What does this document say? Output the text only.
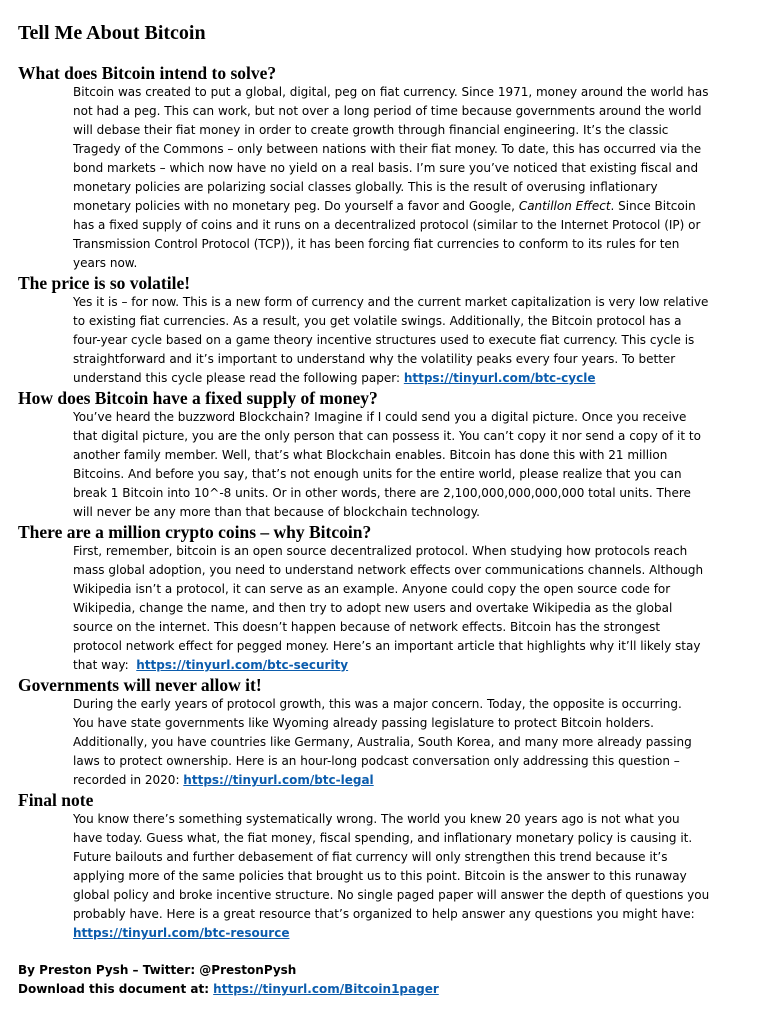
Tell Me About Bitcoin
What does Bitcoin intend to solve?
Bitcoin was created to put a global, digital, peg on fiat currency. Since 1971, money around the world has
not had a peg. This can work, but not over a long period of time because governments around the world
will debase their fiat money in order to create growth through financial engineering. It’s the classic
Tragedy of the Commons – only between nations with their fiat money. To date, this has occurred via the
bond markets – which now have no yield on a real basis. I’m sure you’ve noticed that existing fiscal and
monetary policies are polarizing social classes globally. This is the result of overusing inflationary
monetary policies with no monetary peg. Do yourself a favor and Google, Cantillon Effect. Since Bitcoin
has a fixed supply of coins and it runs on a decentralized protocol (similar to the Internet Protocol (IP) or
Transmission Control Protocol (TCP)), it has been forcing fiat currencies to conform to its rules for ten
years now.
The price is so volatile!
Yes it is – for now. This is a new form of currency and the current market capitalization is very low relative
to existing fiat currencies. As a result, you get volatile swings. Additionally, the Bitcoin protocol has a
four-year cycle based on a game theory incentive structures used to execute fiat currency. This cycle is
straightforward and it’s important to understand why the volatility peaks every four years. To better
understand this cycle please read the following paper: https://tinyurl.com/btc-cycle
How does Bitcoin have a fixed supply of money?
You’ve heard the buzzword Blockchain? Imagine if I could send you a digital picture. Once you receive
that digital picture, you are the only person that can possess it. You can’t copy it nor send a copy of it to
another family member. Well, that’s what Blockchain enables. Bitcoin has done this with 21 million
Bitcoins. And before you say, that’s not enough units for the entire world, please realize that you can
break 1 Bitcoin into 10^-8 units. Or in other words, there are 2,100,000,000,000,000 total units. There
will never be any more than that because of blockchain technology.
There are a million crypto coins – why Bitcoin?
First, remember, bitcoin is an open source decentralized protocol. When studying how protocols reach
mass global adoption, you need to understand network effects over communications channels. Although
Wikipedia isn’t a protocol, it can serve as an example. Anyone could copy the open source code for
Wikipedia, change the name, and then try to adopt new users and overtake Wikipedia as the global
source on the internet. This doesn’t happen because of network effects. Bitcoin has the strongest
protocol network effect for pegged money. Here’s an important article that highlights why it’ll likely stay
that way:  https://tinyurl.com/btc-security
Governments will never allow it!
During the early years of protocol growth, this was a major concern. Today, the opposite is occurring.
You have state governments like Wyoming already passing legislature to protect Bitcoin holders.
Additionally, you have countries like Germany, Australia, South Korea, and many more already passing
laws to protect ownership. Here is an hour-long podcast conversation only addressing this question –
recorded in 2020: https://tinyurl.com/btc-legal
Final note
You know there’s something systematically wrong. The world you knew 20 years ago is not what you
have today. Guess what, the fiat money, fiscal spending, and inflationary monetary policy is causing it.
Future bailouts and further debasement of fiat currency will only strengthen this trend because it’s
applying more of the same policies that brought us to this point. Bitcoin is the answer to this runaway
global policy and broke incentive structure. No single paged paper will answer the depth of questions you
probably have. Here is a great resource that’s organized to help answer any questions you might have:
https://tinyurl.com/btc-resource
By Preston Pysh – Twitter: @PrestonPysh
Download this document at: https://tinyurl.com/Bitcoin1pager
